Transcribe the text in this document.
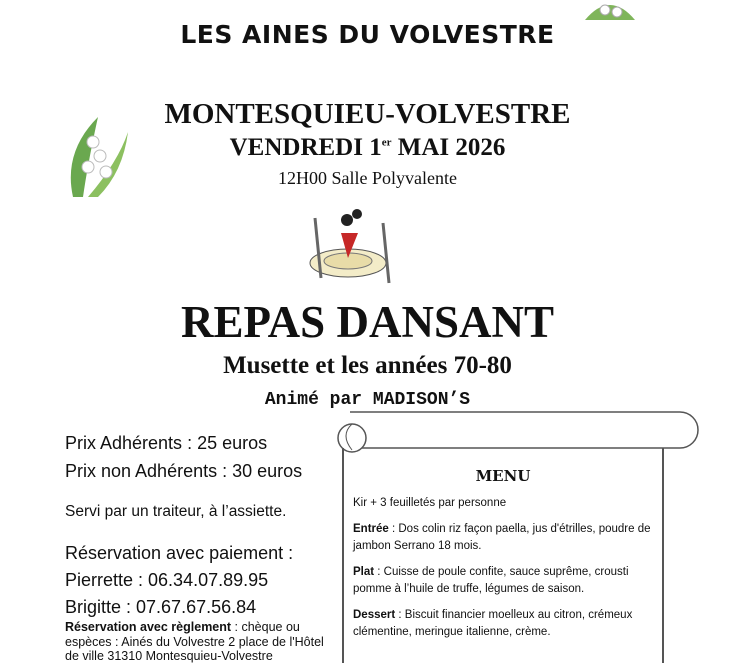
LES AINES DU VOLVESTRE
MONTESQUIEU-VOLVESTRE
VENDREDI 1er MAI 2026
12H00 Salle Polyvalente
REPAS DANSANT
Musette et les années 70-80
Animé par MADISON’S
Prix Adhérents : 25 euros
Prix non Adhérents : 30 euros
Servi par un traiteur, à l’assiette.
Réservation avec paiement :
Pierrette : 06.34.07.89.95
Brigitte : 07.67.67.56.84
Réservation avec règlement : chèque ou espèces : Ainés du Volvestre 2 place de l'Hôtel de ville 31310 Montesquieu-Volvestre
MENU

Kir + 3 feuilletés par personne

Entrée : Dos colin riz façon paella, jus d'étrilles, poudre de jambon Serrano 18 mois.

Plat : Cuisse de poule confite, sauce suprême, crousti pomme à l’huile de truffe, légumes de saison.

Dessert : Biscuit financier moelleux au citron, crémeux clémentine, meringue italienne, crème.
